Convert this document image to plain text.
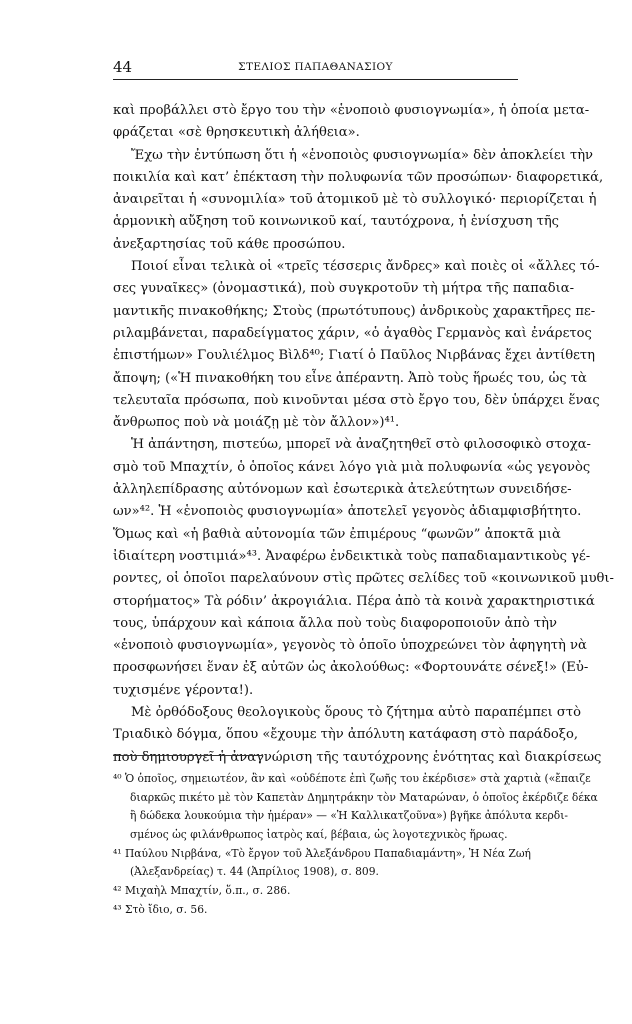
44	ΣΤΕΛΙΟΣ ΠΑΠΑΘΑΝΑΣΙΟΥ
καὶ προβάλλει στὸ ἔργο του τὴν «ἑνοποιὸ φυσιογνωμία», ἡ ὁποία μετα-
φράζεται «σὲ θρησκευτικὴ ἀλήθεια».
Ἔχω τὴν ἐντύπωση ὅτι ἡ «ἑνοποιὸς φυσιογνωμία» δὲν ἀποκλείει τὴν
ποικιλία καὶ κατ’ ἐπέκταση τὴν πολυφωνία τῶν προσώπων· διαφορετικά,
ἀναιρεῖται ἡ «συνομιλία» τοῦ ἀτομικοῦ μὲ τὸ συλλογικό· περιορίζεται ἡ
ἁρμονικὴ αὔξηση τοῦ κοινωνικοῦ καί, ταυτόχρονα, ἡ ἐνίσχυση τῆς
ἀνεξαρτησίας τοῦ κάθε προσώπου.
Ποιοί εἶναι τελικὰ οἱ «τρεῖς τέσσερις ἄνδρες» καὶ ποιὲς οἱ «ἄλλες τό-
σες γυναῖκες» (ὀνομαστικά), ποὺ συγκροτοῦν τὴ μήτρα τῆς παπαδια-
μαντικῆς πινακοθήκης; Στοὺς (πρωτότυπους) ἀνδρικοὺς χαρακτῆρες πε-
ριλαμβάνεται, παραδείγματος χάριν, «ὁ ἀγαθὸς Γερμανὸς καὶ ἐνάρετος
ἐπιστήμων» Γουλιέλμος Βὶλδ⁴⁰; Γιατί ὁ Παῦλος Νιρβάνας ἔχει ἀντίθετη
ἄποψη; («Ἡ πινακοθήκη του εἶνε ἀπέραντη. Ἀπὸ τοὺς ἥρωές του, ὡς τὰ
τελευταῖα πρόσωπα, ποὺ κινοῦνται μέσα στὸ ἔργο του, δὲν ὑπάρχει ἕνας
ἄνθρωπος ποὺ νὰ μοιάζῃ μὲ τὸν ἄλλον»)⁴¹.
Ἡ ἀπάντηση, πιστεύω, μπορεῖ νὰ ἀναζητηθεῖ στὸ φιλοσοφικὸ στοχα-
σμὸ τοῦ Μπαχτίν, ὁ ὁποῖος κάνει λόγο γιὰ μιὰ πολυφωνία «ὡς γεγονὸς
ἀλληλεπίδρασης αὐτόνομων καὶ ἐσωτερικὰ ἀτελεύτητων συνειδήσε-
ων»⁴². Ἡ «ἑνοποιὸς φυσιογνωμία» ἀποτελεῖ γεγονὸς ἀδιαμφισβήτητο.
Ὅμως καὶ «ἡ βαθιὰ αὐτονομία τῶν ἐπιμέρους “φωνῶν” ἀποκτᾶ μιὰ
ἰδιαίτερη νοστιμιά»⁴³. Ἀναφέρω ἐνδεικτικὰ τοὺς παπαδιαμαντικοὺς γέ-
ροντες, οἱ ὁποῖοι παρελαύνουν στὶς πρῶτες σελίδες τοῦ «κοινωνικοῦ μυθι-
στορήματος» Τὰ ρόδιν’ ἀκρογιάλια. Πέρα ἀπὸ τὰ κοινὰ χαρακτηριστικά
τους, ὑπάρχουν καὶ κάποια ἄλλα ποὺ τοὺς διαφοροποιοῦν ἀπὸ τὴν
«ἑνοποιὸ φυσιογνωμία», γεγονὸς τὸ ὁποῖο ὑποχρεώνει τὸν ἀφηγητὴ νὰ
προσφωνήσει ἕναν ἐξ αὐτῶν ὡς ἀκολούθως: «Φορτουνάτε σένεξ!» (Εὐ-
τυχισμένε γέροντα!).
Μὲ ὀρθόδοξους θεολογικοὺς ὅρους τὸ ζήτημα αὐτὸ παραπέμπει στὸ
Τριαδικὸ δόγμα, ὅπου «ἔχουμε τὴν ἀπόλυτη κατάφαση στὸ παράδοξο,
ποὺ δημιουργεῖ ἡ ἀναγνώριση τῆς ταυτόχρονης ἑνότητας καὶ διακρίσεως
⁴⁰ Ὁ ὁποῖος, σημειωτέον, ἂν καὶ «οὐδέποτε ἐπὶ ζωῆς του ἐκέρδισε» στὰ χαρτιὰ («ἔπαιζε
διαρκῶς πικέτο μὲ τὸν Καπετὰν Δημητράκην τὸν Ματαρώναν, ὁ ὁποῖος ἐκέρδιζε δέκα
ἢ δώδεκα λουκούμια τὴν ἡμέραν» — «Ἡ Καλλικατζοῦνα») βγῆκε ἀπόλυτα κερδι-
σμένος ὡς φιλάνθρωπος ἰατρὸς καί, βέβαια, ὡς λογοτεχνικὸς ἥρωας.
⁴¹ Παύλου Νιρβάνα, «Τὸ ἔργον τοῦ Ἀλεξάνδρου Παπαδιαμάντη», Ἡ Νέα Ζωή
(Ἀλεξανδρείας) τ. 44 (Ἀπρίλιος 1908), σ. 809.
⁴² Μιχαὴλ Μπαχτίν, ὅ.π., σ. 286.
⁴³ Στὸ ἴδιο, σ. 56.
